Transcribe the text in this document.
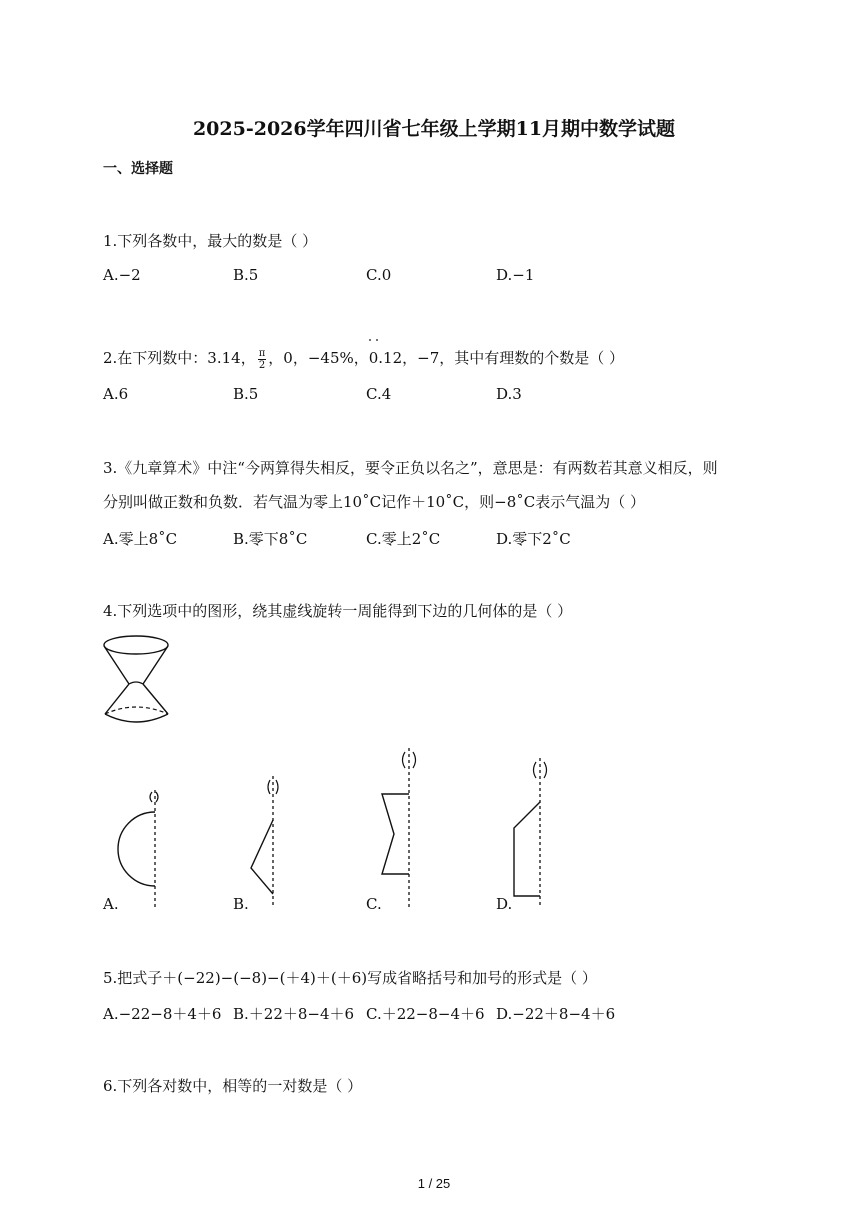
2025-2026学年四川省七年级上学期11月期中数学试题
一、选择题
1.下列各数中，最大的数是（ ）
A.−2	B.5	C.0	D.−1
2.在下列数中：3.14， $\frac{\pi}{2}$ ，0，−45%，0.12，−7，其中有理数的个数是（ ）
A.6	B.5	C.4	D.3
3.《九章算术》中注“今两算得失相反，要令正负以名之”，意思是：有两数若其意义相反，则
分别叫做正数和负数．若气温为零上10˚C记作＋10˚C，则−8˚C表示气温为（ ）
A.零上8˚C	B.零下8˚C	C.零上2˚C	D.零下2˚C
4.下列选项中的图形，绕其虚线旋转一周能得到下边的几何体的是（ ）
A.	B.	C.	D.
5.把式子＋(−22)−(−8)−(＋4)＋(＋6)写成省略括号和加号的形式是（ ）
A.−22−8＋4＋6 B.＋22＋8−4＋6 C.＋22−8−4＋6 D.−22＋8−4＋6
6.下列各对数中，相等的一对数是（ ）
1 / 25
